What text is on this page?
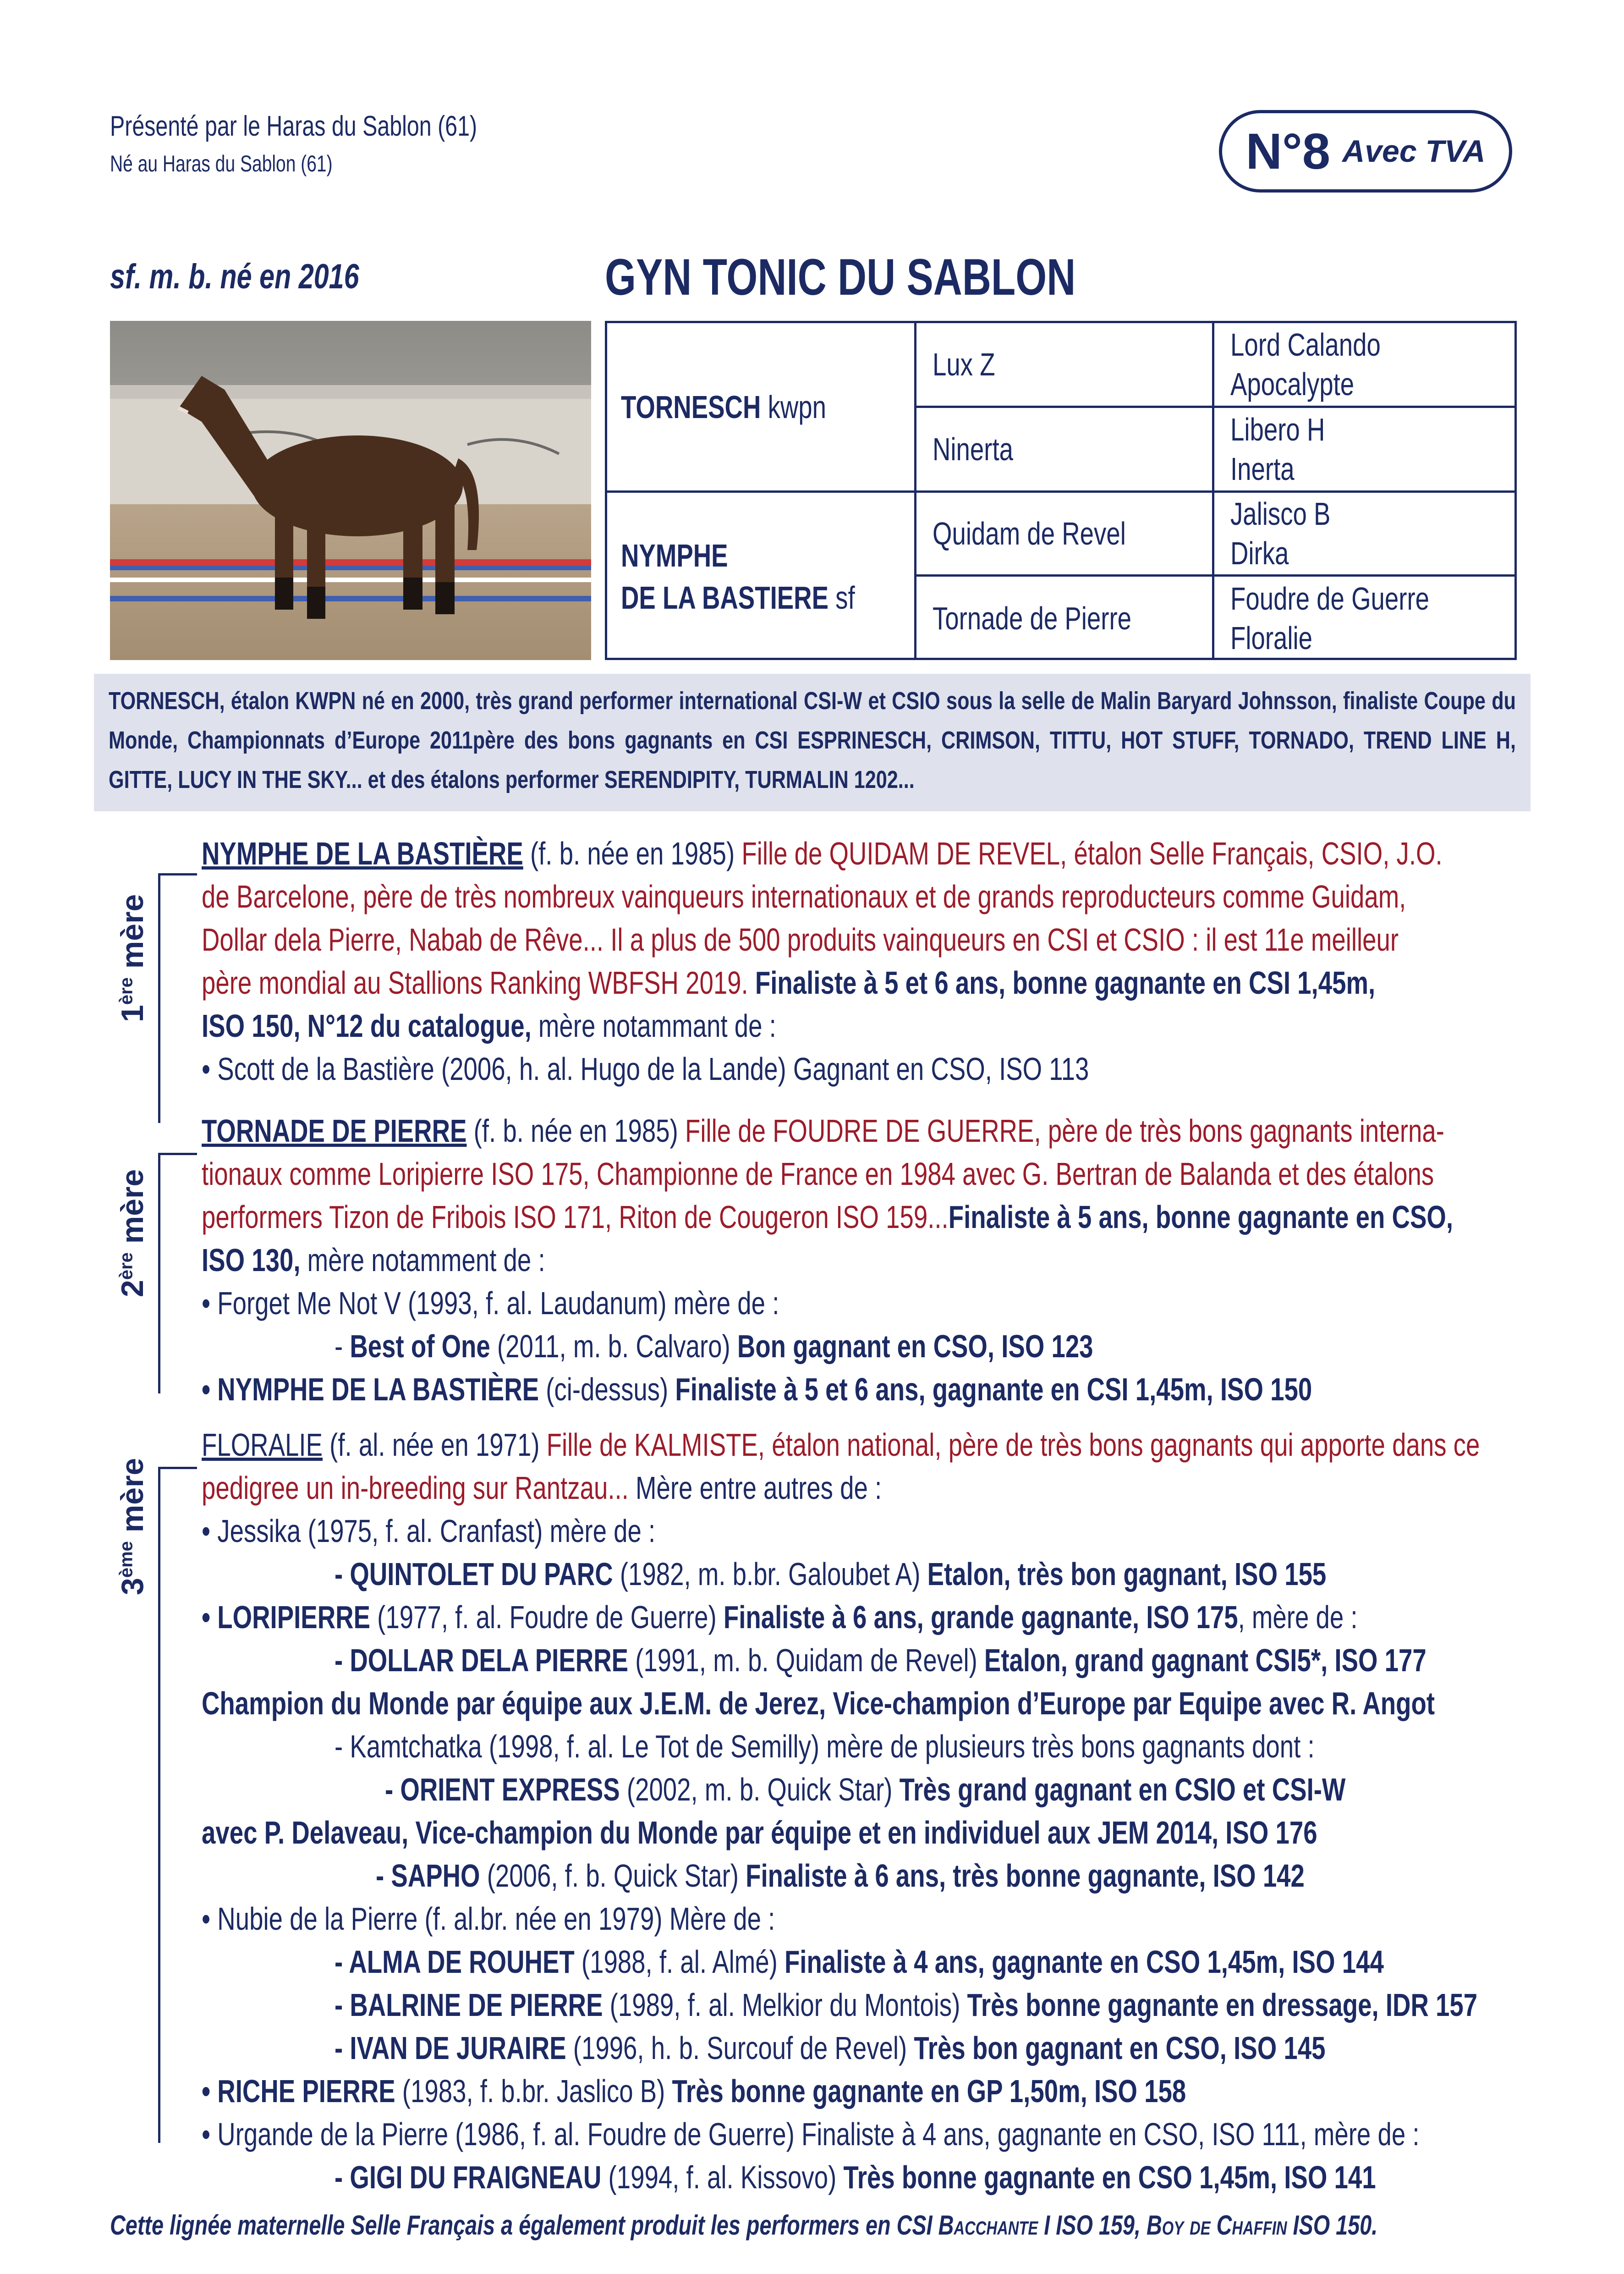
Présenté par le Haras du Sablon (61)
Né au Haras du Sablon (61)	N°8 Avec TVA
sf. m. b. né en 2016	GYN TONIC DU SABLON
TORNESCH kwpn
NYMPHE
DE LA BASTIERE sf
Lux Z
Ninerta
Quidam de Revel
Tornade de Pierre
Lord Calando
Apocalypte
Libero H
Inerta
Jalisco B
Dirka
Foudre de Guerre
Floralie
TORNESCH, étalon KWPN né en 2000, très grand performer international CSI-W et CSIO sous la selle de Malin Baryard Johnsson, finaliste Coupe du Monde, Championnats d’Europe 2011père des bons gagnants en CSI ESPRINESCH, CRIMSON, TITTU, HOT STUFF, TORNADO, TREND LINE H, GITTE, LUCY IN THE SKY... et des étalons performer SERENDIPITY, TURMALIN 1202...
1ère mère
2ère mère
3ème mère
NYMPHE DE LA BASTIÈRE (f. b. née en 1985) Fille de QUIDAM DE REVEL, étalon Selle Français, CSIO, J.O.
de Barcelone, père de très nombreux vainqueurs internationaux et de grands reproducteurs comme Guidam,
Dollar dela Pierre, Nabab de Rêve... Il a plus de 500 produits vainqueurs en CSI et CSIO : il est 11e meilleur
père mondial au Stallions Ranking WBFSH 2019. Finaliste à 5 et 6 ans, bonne gagnante en CSI 1,45m,
ISO 150, N°12 du catalogue, mère notammant de :
• Scott de la Bastière (2006, h. al. Hugo de la Lande) Gagnant en CSO, ISO 113
TORNADE DE PIERRE (f. b. née en 1985) Fille de FOUDRE DE GUERRE, père de très bons gagnants interna-
tionaux comme Loripierre ISO 175, Championne de France en 1984 avec G. Bertran de Balanda et des étalons
performers Tizon de Fribois ISO 171, Riton de Cougeron ISO 159...Finaliste à 5 ans, bonne gagnante en CSO,
ISO 130, mère notamment de :
• Forget Me Not V (1993, f. al. Laudanum) mère de :
- Best of One (2011, m. b. Calvaro) Bon gagnant en CSO, ISO 123
• NYMPHE DE LA BASTIÈRE (ci-dessus) Finaliste à 5 et 6 ans, gagnante en CSI 1,45m, ISO 150
FLORALIE (f. al. née en 1971) Fille de KALMISTE, étalon national, père de très bons gagnants qui apporte dans ce
pedigree un in-breeding sur Rantzau... Mère entre autres de :
• Jessika (1975, f. al. Cranfast) mère de :
- QUINTOLET DU PARC (1982, m. b.br. Galoubet A) Etalon, très bon gagnant, ISO 155
• LORIPIERRE (1977, f. al. Foudre de Guerre) Finaliste à 6 ans, grande gagnante, ISO 175, mère de :
- DOLLAR DELA PIERRE (1991, m. b. Quidam de Revel) Etalon, grand gagnant CSI5*, ISO 177
Champion du Monde par équipe aux J.E.M. de Jerez, Vice-champion d’Europe par Equipe avec R. Angot
- Kamtchatka (1998, f. al. Le Tot de Semilly) mère de plusieurs très bons gagnants dont :
- ORIENT EXPRESS (2002, m. b. Quick Star) Très grand gagnant en CSIO et CSI-W
avec P. Delaveau, Vice-champion du Monde par équipe et en individuel aux JEM 2014, ISO 176
- SAPHO (2006, f. b. Quick Star) Finaliste à 6 ans, très bonne gagnante, ISO 142
• Nubie de la Pierre (f. al.br. née en 1979) Mère de :
- ALMA DE ROUHET (1988, f. al. Almé) Finaliste à 4 ans, gagnante en CSO 1,45m, ISO 144
- BALRINE DE PIERRE (1989, f. al. Melkior du Montois) Très bonne gagnante en dressage, IDR 157
- IVAN DE JURAIRE (1996, h. b. Surcouf de Revel) Très bon gagnant en CSO, ISO 145
• RICHE PIERRE (1983, f. b.br. Jaslico B) Très bonne gagnante en GP 1,50m, ISO 158
• Urgande de la Pierre (1986, f. al. Foudre de Guerre) Finaliste à 4 ans, gagnante en CSO, ISO 111, mère de :
- GIGI DU FRAIGNEAU (1994, f. al. Kissovo) Très bonne gagnante en CSO 1,45m, ISO 141
Cette lignée maternelle Selle Français a également produit les performers en CSI Bacchante I ISO 159, Boy de Chaffin ISO 150.
